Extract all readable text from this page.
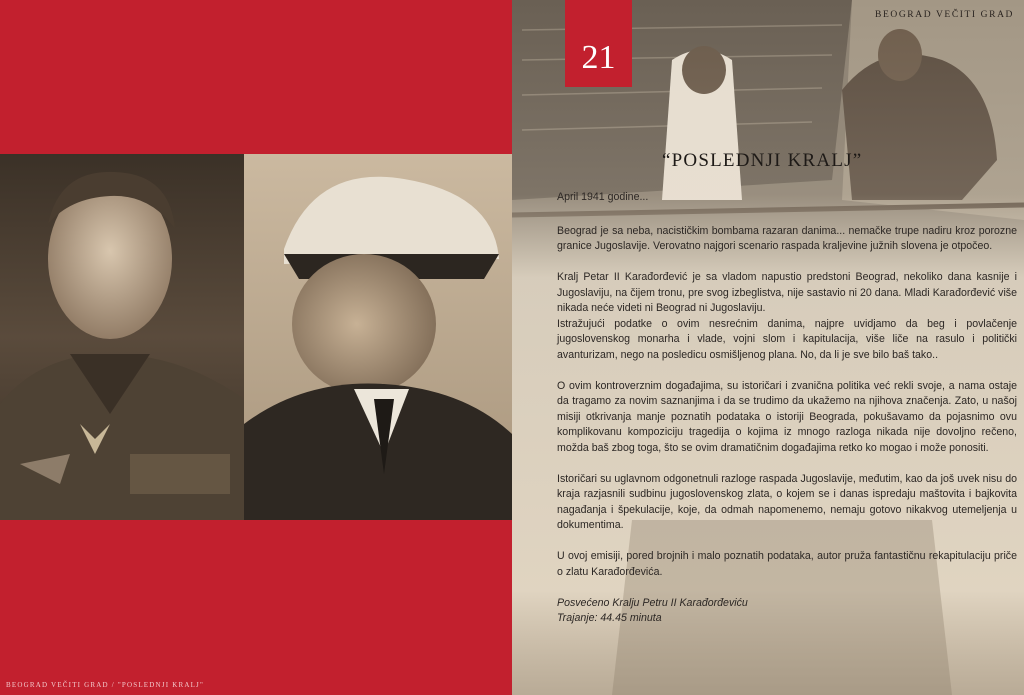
BEOGRAD VEČITI GRAD / "POSLEDNJI KRALJ"
21
BEOGRAD VEČITI GRAD
“POSLEDNJI KRALJ”

April 1941 godine...

Beograd je sa neba, nacističkim bombama razaran danima... nemačke trupe nadiru kroz porozne granice Jugoslavije. Verovatno najgori scenario raspada kraljevine južnih slovena je otpočeo.

Kralj Petar II Karađorđević je sa vladom napustio predstoni Beograd, nekoliko dana kasnije i Jugoslaviju, na čijem tronu, pre svog izbeglistva, nije sastavio ni 20 dana. Mladi Karađorđević više nikada neće videti ni Beograd ni Jugoslaviju.

Istražujući podatke o ovim nesrećnim danima, najpre uvidjamo da beg i povlačenje jugoslovenskog monarha i vlade, vojni slom i kapitulacija, više liče na rasulo i politički avanturizam, nego na posledicu osmišljenog plana. No, da li je sve bilo baš tako..

O ovim kontroverznim događajima, su istoričari i zvanična politika već rekli svoje, a nama ostaje da tragamo za novim saznanjima i da se trudimo da ukažemo na njihova značenja. Zato, u našoj misiji otkrivanja manje poznatih podataka o istoriji Beograda, pokušavamo da pojasnimo ovu komplikovanu kompoziciju tragedija o kojima iz mnogo razloga nikada nije dovoljno rečeno, možda baš zbog toga, što se ovim dramatičnim događajima retko ko mogao i može ponositi.

Istoričari su uglavnom odgonetnuli razloge raspada Jugoslavije, međutim, kao da još uvek nisu do kraja razjasnili sudbinu jugoslovenskog zlata, o kojem se i danas ispredaju maštovita i bajkovita nagađanja i špekulacije, koje, da odmah napomenemo, nemaju gotovo nikakvog utemeljenja u dokumentima.

U ovoj emisiji, pored brojnih i malo poznatih podataka, autor pruža fantastičnu rekapitulaciju priče o zlatu Karađorđevića.

Posvećeno Kralju Petru II Karađorđeviću

Trajanje: 44.45 minuta
